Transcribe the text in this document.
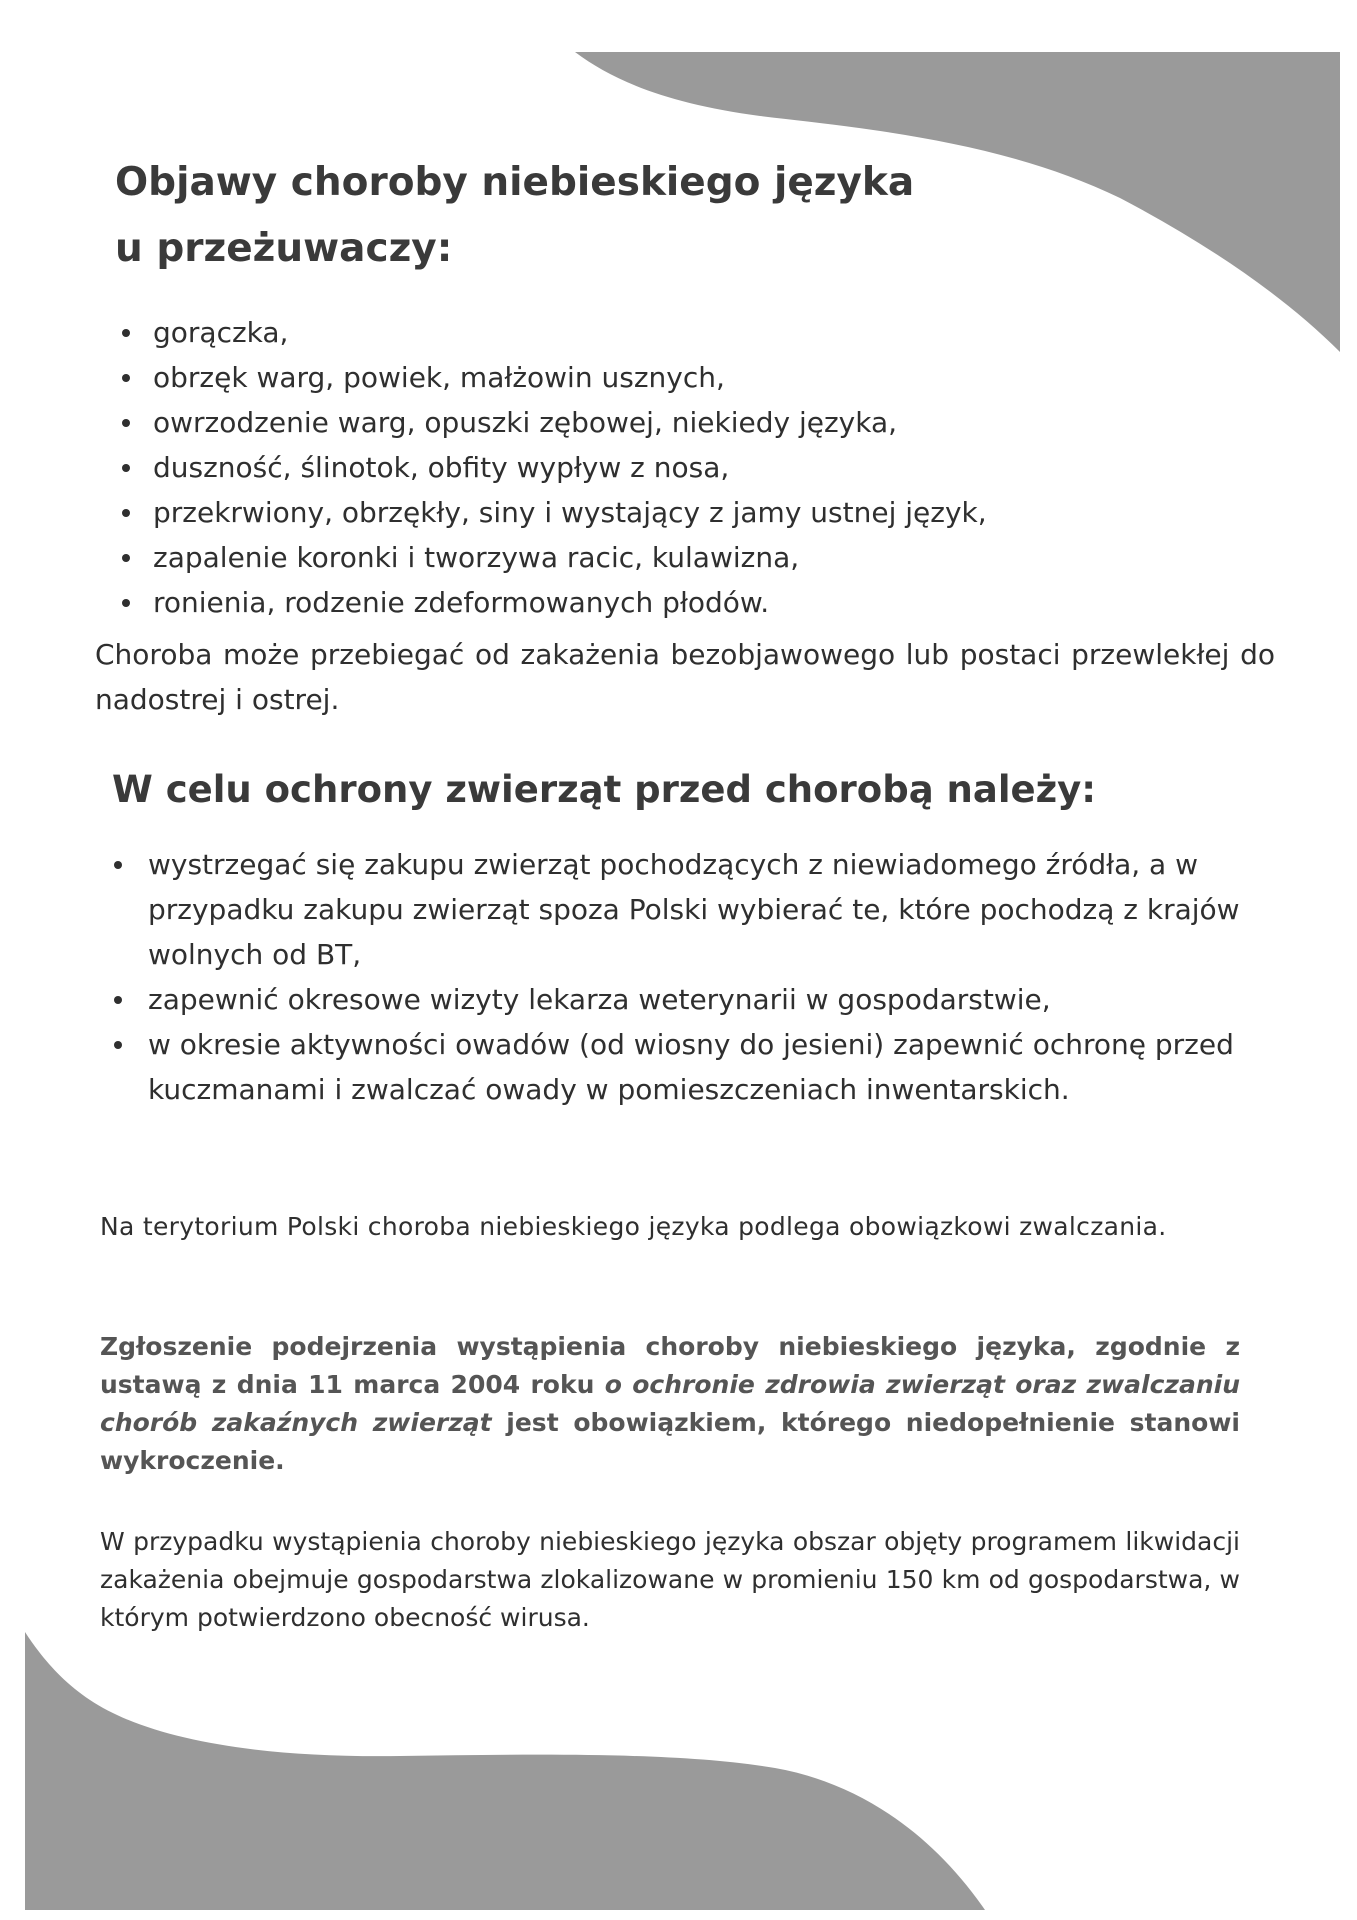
Objawy choroby niebieskiego języka
u przeżuwaczy:
gorączka,
obrzęk warg, powiek, małżowin usznych,
owrzodzenie warg, opuszki zębowej, niekiedy języka,
duszność, ślinotok, obfity wypływ z nosa,
przekrwiony, obrzękły, siny i wystający z jamy ustnej język,
zapalenie koronki i tworzywa racic, kulawizna,
ronienia, rodzenie zdeformowanych płodów.

Choroba może przebiegać od zakażenia bezobjawowego lub postaci przewlekłej do nadostrej i ostrej.

W celu ochrony zwierząt przed chorobą należy:
wystrzegać się zakupu zwierząt pochodzących z niewiadomego źródła, a w przypadku zakupu zwierząt spoza Polski wybierać te, które pochodzą z krajów wolnych od BT,
zapewnić okresowe wizyty lekarza weterynarii w gospodarstwie,
w okresie aktywności owadów (od wiosny do jesieni) zapewnić ochronę przed kuczmanami i zwalczać owady w pomieszczeniach inwentarskich.

Na terytorium Polski choroba niebieskiego języka podlega obowiązkowi zwalczania.

Zgłoszenie podejrzenia wystąpienia choroby niebieskiego języka, zgodnie z ustawą z dnia 11 marca 2004 roku o ochronie zdrowia zwierząt oraz zwalczaniu chorób zakaźnych zwierząt jest obowiązkiem, którego niedopełnienie stanowi wykroczenie.

W przypadku wystąpienia choroby niebieskiego języka obszar objęty programem likwidacji zakażenia obejmuje gospodarstwa zlokalizowane w promieniu 150 km od gospodarstwa, w którym potwierdzono obecność wirusa.
